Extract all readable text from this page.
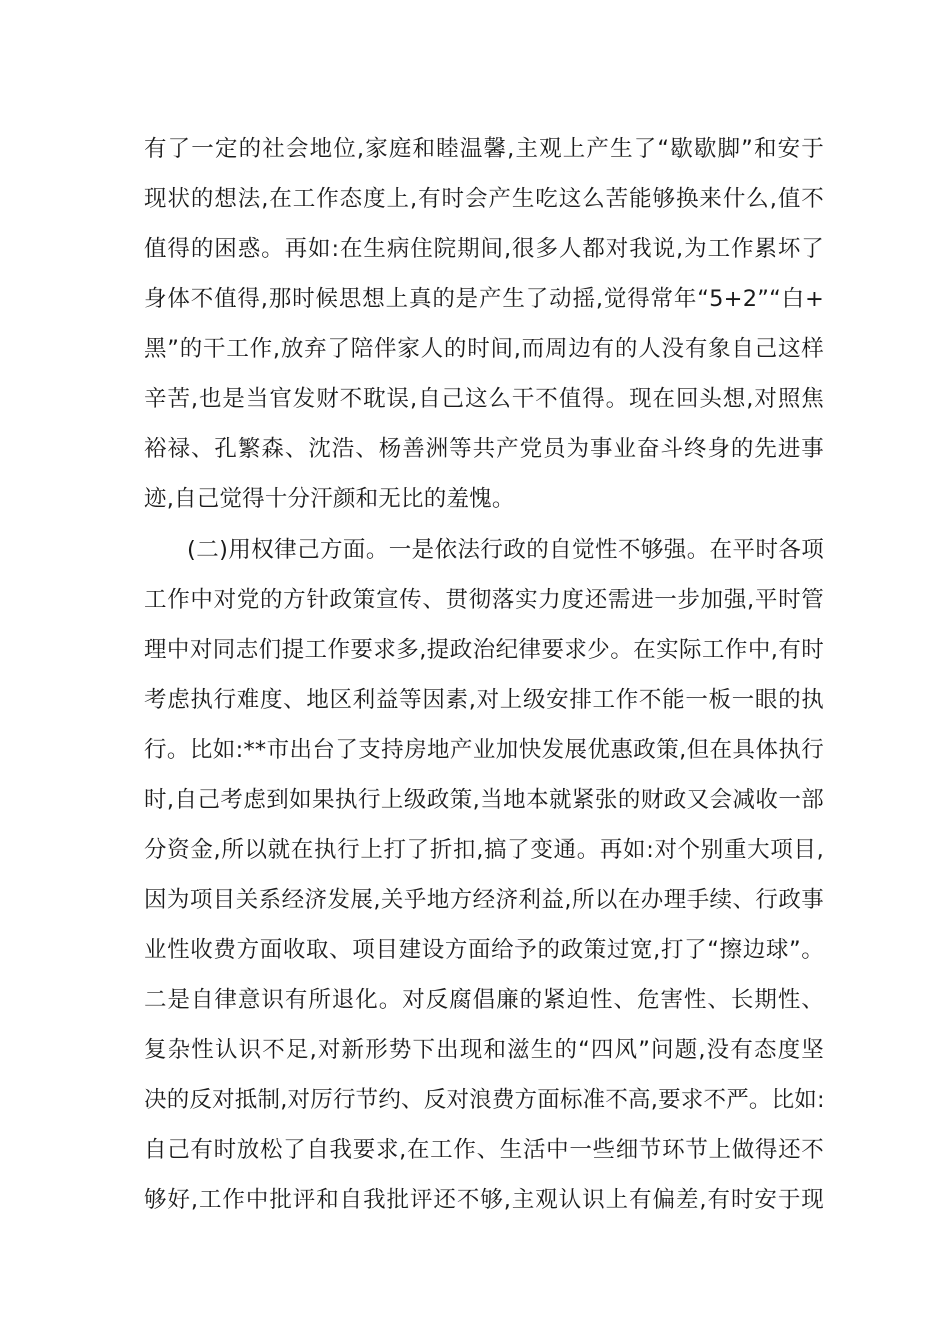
有了一定的社会地位,家庭和睦温馨,主观上产生了“歇歇脚”和安于
现状的想法,在工作态度上,有时会产生吃这么苦能够换来什么,值不
值得的困惑。再如:在生病住院期间,很多人都对我说,为工作累坏了
身体不值得,那时候思想上真的是产生了动摇,觉得常年“5+2”“白+
黑”的干工作,放弃了陪伴家人的时间,而周边有的人没有象自己这样
辛苦,也是当官发财不耽误,自己这么干不值得。现在回头想,对照焦
裕禄、孔繁森、沈浩、杨善洲等共产党员为事业奋斗终身的先进事
迹,自己觉得十分汗颜和无比的羞愧。
(二)用权律己方面。一是依法行政的自觉性不够强。在平时各项
工作中对党的方针政策宣传、贯彻落实力度还需进一步加强,平时管
理中对同志们提工作要求多,提政治纪律要求少。在实际工作中,有时
考虑执行难度、地区利益等因素,对上级安排工作不能一板一眼的执
行。比如:**市出台了支持房地产业加快发展优惠政策,但在具体执行
时,自己考虑到如果执行上级政策,当地本就紧张的财政又会减收一部
分资金,所以就在执行上打了折扣,搞了变通。再如:对个别重大项目,
因为项目关系经济发展,关乎地方经济利益,所以在办理手续、行政事
业性收费方面收取、项目建设方面给予的政策过宽,打了“擦边球”。
二是自律意识有所退化。对反腐倡廉的紧迫性、危害性、长期性、
复杂性认识不足,对新形势下出现和滋生的“四风”问题,没有态度坚
决的反对抵制,对厉行节约、反对浪费方面标准不高,要求不严。比如:
自己有时放松了自我要求,在工作、生活中一些细节环节上做得还不
够好,工作中批评和自我批评还不够,主观认识上有偏差,有时安于现
